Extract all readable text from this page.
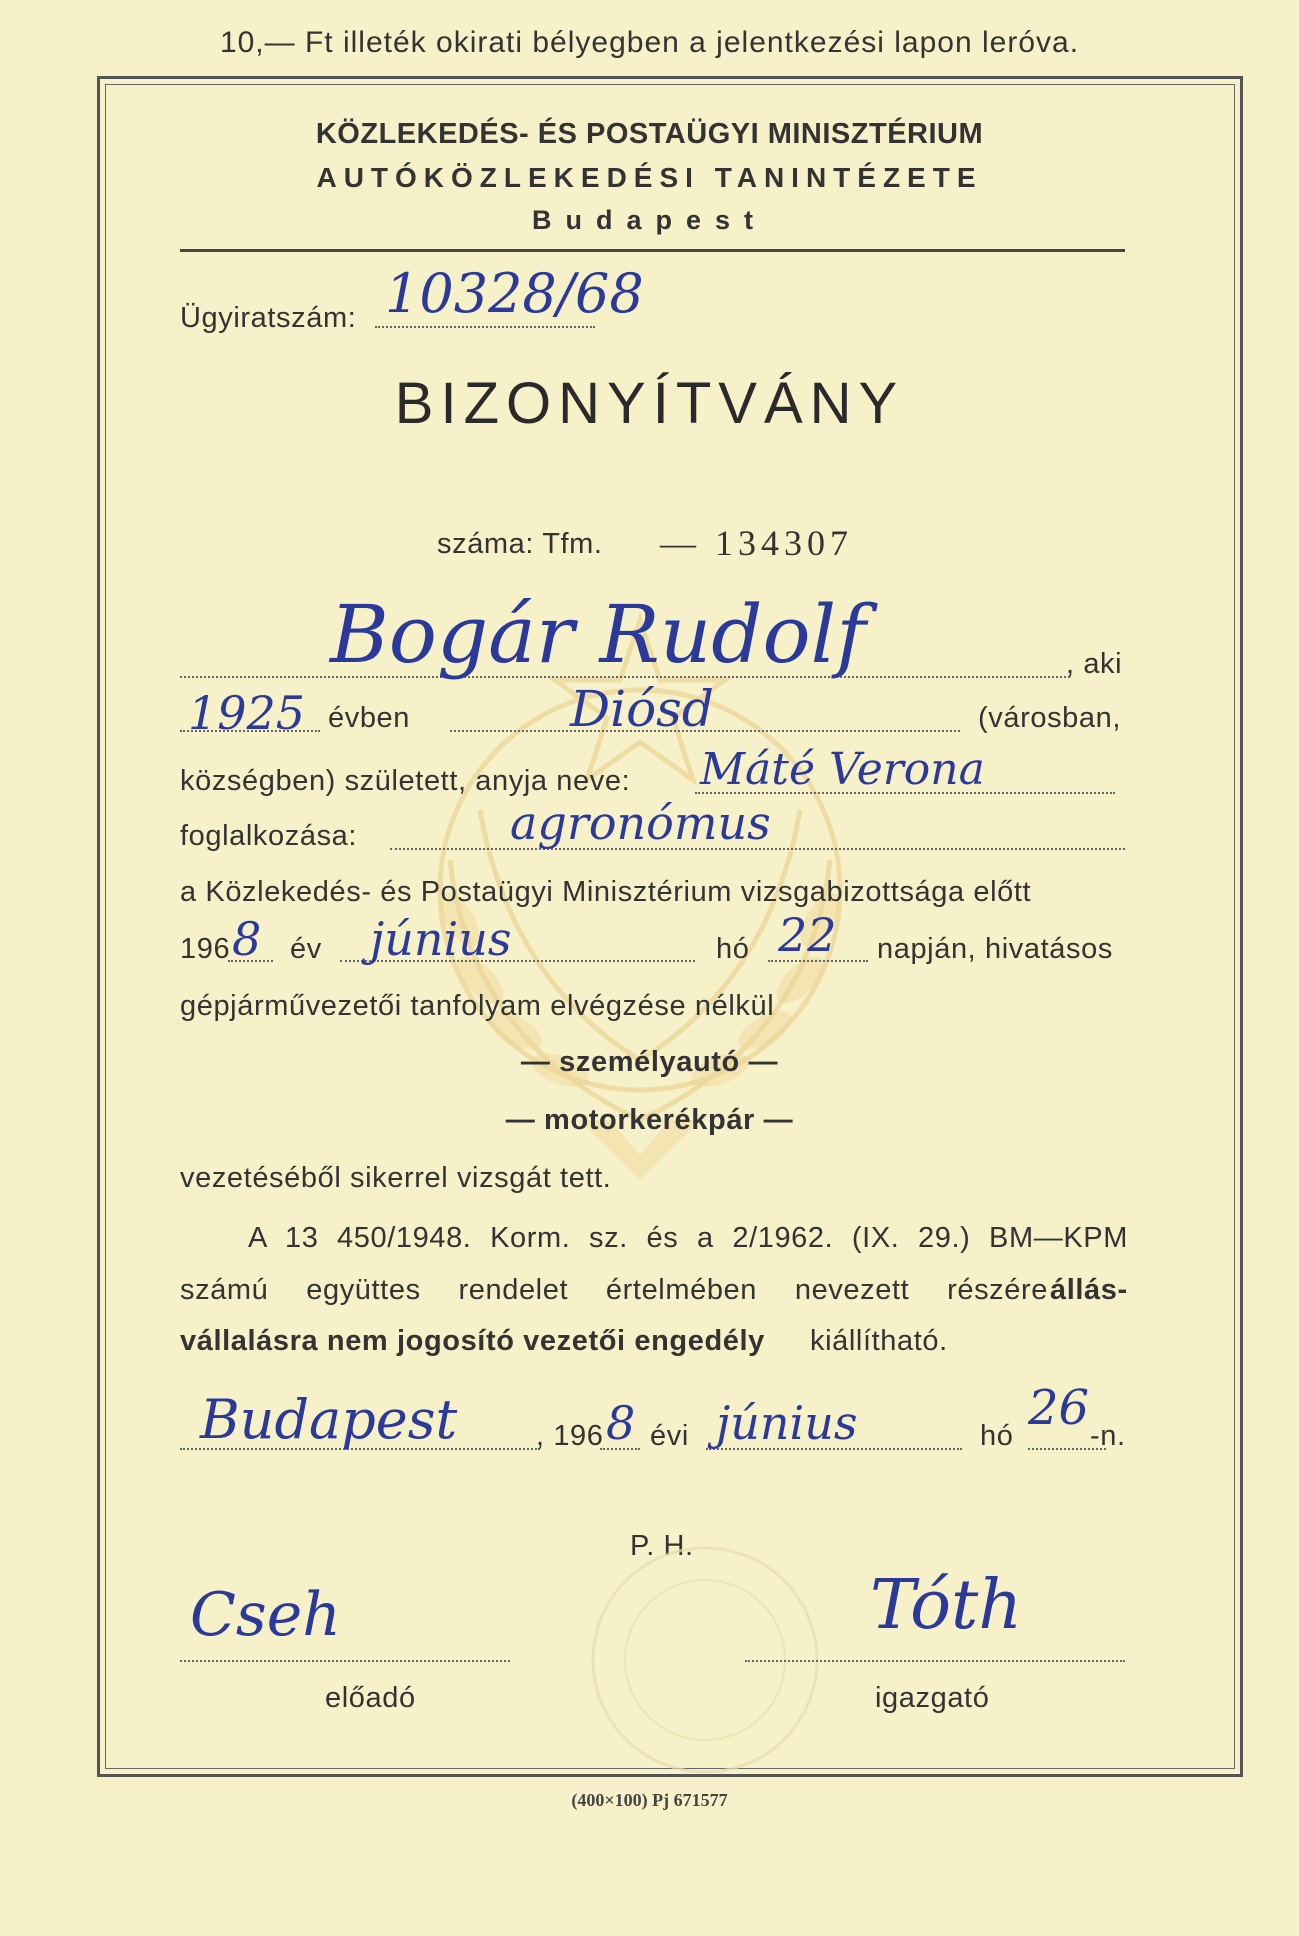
10,— Ft illeték okirati bélyegben a jelentkezési lapon leróva.
KÖZLEKEDÉS- ÉS POSTAÜGYI MINISZTÉRIUM
AUTÓKÖZLEKEDÉSI TANINTÉZETE
Budapest
Ügyiratszám: 10328/68
BIZONYÍTVÁNY
száma: Tfm. — 134307
Bogár Rudolf	, aki
1925 évben	Diósd	(városban,
községben) született, anyja neve: Máté Verona
foglalkozása:	agronómus
a Közlekedés- és Postaügyi Minisztérium vizsgabizottsága előtt
196 8 év június	hó 22 napján, hivatásos
gépjárművezetői tanfolyam elvégzése nélkül
— személyautó —
— motorkerékpár —
vezetéséből sikerrel vizsgát tett.
A 13 450/1948. Korm. sz. és a 2/1962. (IX. 29.) BM—KPM
számú együttes rendelet értelmében nevezett részére állás-
vállalásra nem jogosító vezetői engedély kiállítható.
Budapest	, 196 8 évi június	hó 26 -n.
P. H.
Cseh
előadó
Tóth
igazgató
(400×100) Pj 671577
